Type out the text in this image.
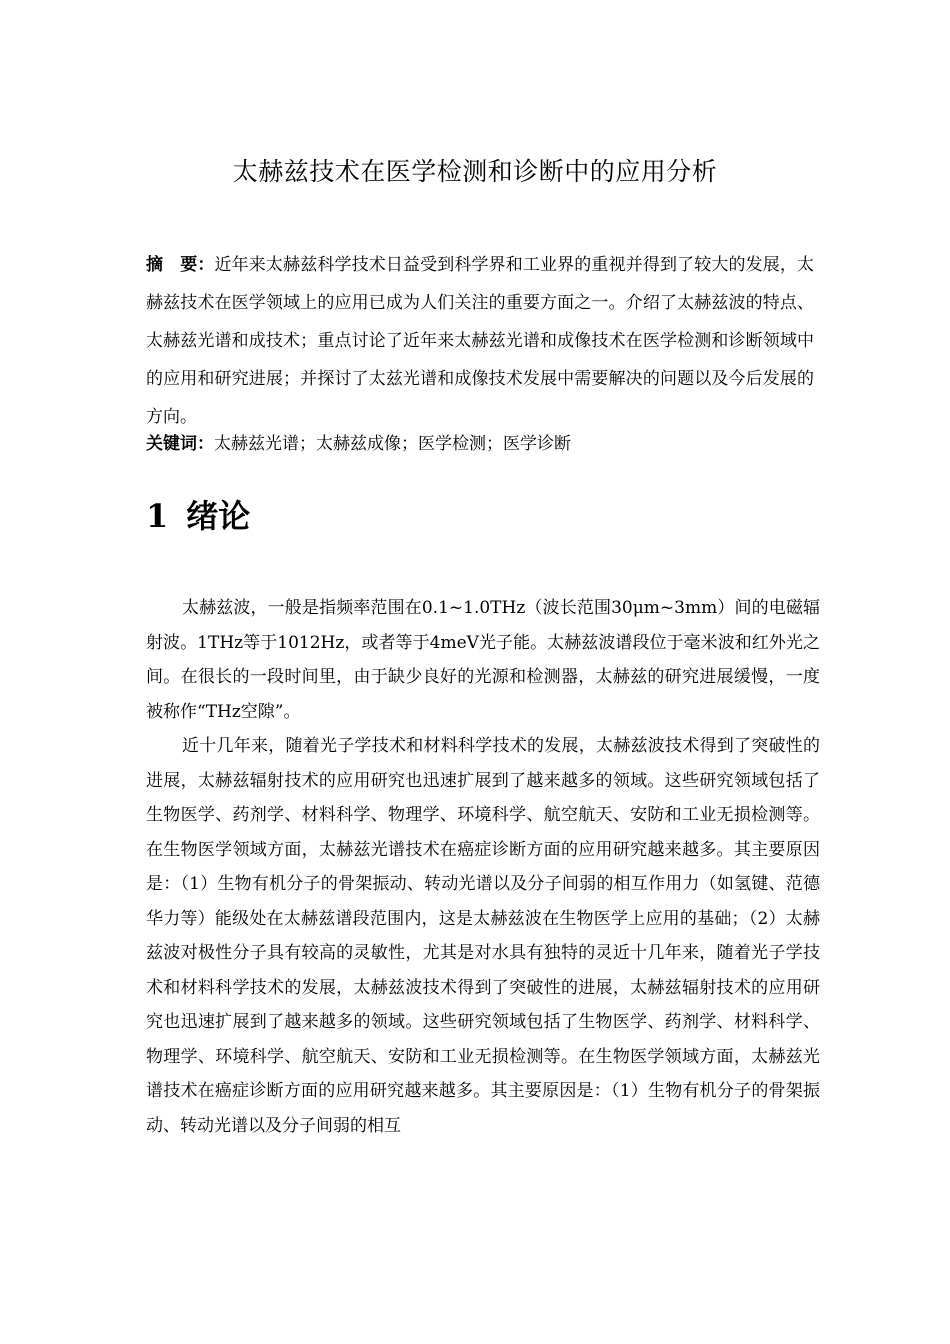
太赫兹技术在医学检测和诊断中的应用分析
摘　要：近年来太赫兹科学技术日益受到科学界和工业界的重视并得到了较大的发展，太赫兹技术在医学领域上的应用已成为人们关注的重要方面之一。介绍了太赫兹波的特点、太赫兹光谱和成技术；重点讨论了近年来太赫兹光谱和成像技术在医学检测和诊断领域中的应用和研究进展；并探讨了太兹光谱和成像技术发展中需要解决的问题以及今后发展的方向。
关键词：太赫兹光谱；太赫兹成像；医学检测；医学诊断
1 绪论

太赫兹波，一般是指频率范围在0.1~1.0THz（波长范围30μm~3mm）间的电磁辐射波。1THz等于1012Hz，或者等于4meV光子能。太赫兹波谱段位于毫米波和红外光之间。在很长的一段时间里，由于缺少良好的光源和检测器，太赫兹的研究进展缓慢，一度被称作“THz空隙”。

近十几年来，随着光子学技术和材料科学技术的发展，太赫兹波技术得到了突破性的进展，太赫兹辐射技术的应用研究也迅速扩展到了越来越多的领域。这些研究领域包括了生物医学、药剂学、材料科学、物理学、环境科学、航空航天、安防和工业无损检测等。在生物医学领域方面，太赫兹光谱技术在癌症诊断方面的应用研究越来越多。其主要原因是：（1）生物有机分子的骨架振动、转动光谱以及分子间弱的相互作用力（如氢键、范德华力等）能级处在太赫兹谱段范围内，这是太赫兹波在生物医学上应用的基础；（2）太赫兹波对极性分子具有较高的灵敏性，尤其是对水具有独特的灵近十几年来，随着光子学技术和材料科学技术的发展，太赫兹波技术得到了突破性的进展，太赫兹辐射技术的应用研究也迅速扩展到了越来越多的领域。这些研究领域包括了生物医学、药剂学、材料科学、物理学、环境科学、航空航天、安防和工业无损检测等。在生物医学领域方面，太赫兹光谱技术在癌症诊断方面的应用研究越来越多。其主要原因是：（1）生物有机分子的骨架振动、转动光谱以及分子间弱的相互
